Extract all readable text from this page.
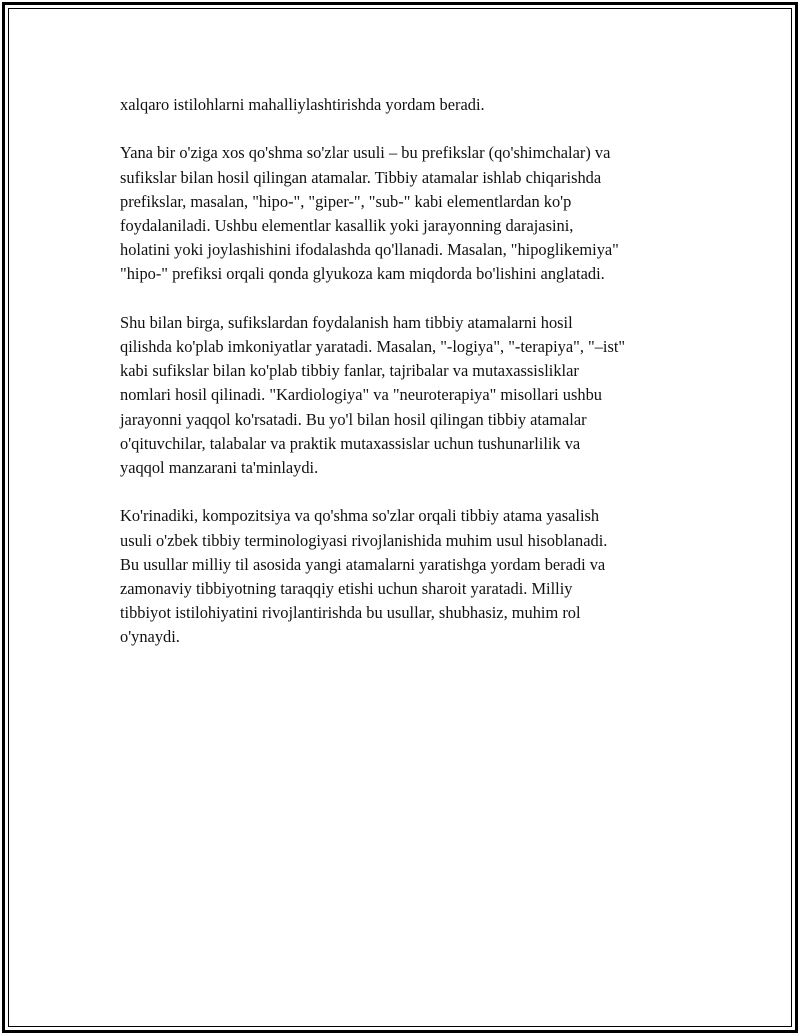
xalqaro istilohlarni mahalliylashtirishda yordam beradi.

Yana bir o'ziga xos qo'shma so'zlar usuli – bu prefikslar (qo'shimchalar) va
sufikslar bilan hosil qilingan atamalar. Tibbiy atamalar ishlab chiqarishda
prefikslar, masalan, "hipo-", "giper-", "sub-" kabi elementlardan ko'p
foydalaniladi. Ushbu elementlar kasallik yoki jarayonning darajasini,
holatini yoki joylashishini ifodalashda qo'llanadi. Masalan, "hipoglikemiya"
"hipo-" prefiksi orqali qonda glyukoza kam miqdorda bo'lishini anglatadi.

Shu bilan birga, sufikslardan foydalanish ham tibbiy atamalarni hosil
qilishda ko'plab imkoniyatlar yaratadi. Masalan, "-logiya", "-terapiya", "–ist"
kabi sufikslar bilan ko'plab tibbiy fanlar, tajribalar va mutaxassisliklar
nomlari hosil qilinadi. "Kardiologiya" va "neuroterapiya" misollari ushbu
jarayonni yaqqol ko'rsatadi. Bu yo'l bilan hosil qilingan tibbiy atamalar
o'qituvchilar, talabalar va praktik mutaxassislar uchun tushunarlilik va
yaqqol manzarani ta'minlaydi.

Ko'rinadiki, kompozitsiya va qo'shma so'zlar orqali tibbiy atama yasalish
usuli o'zbek tibbiy terminologiyasi rivojlanishida muhim usul hisoblanadi.
Bu usullar milliy til asosida yangi atamalarni yaratishga yordam beradi va
zamonaviy tibbiyotning taraqqiy etishi uchun sharoit yaratadi. Milliy
tibbiyot istilohiyatini rivojlantirishda bu usullar, shubhasiz, muhim rol
o'ynaydi.
